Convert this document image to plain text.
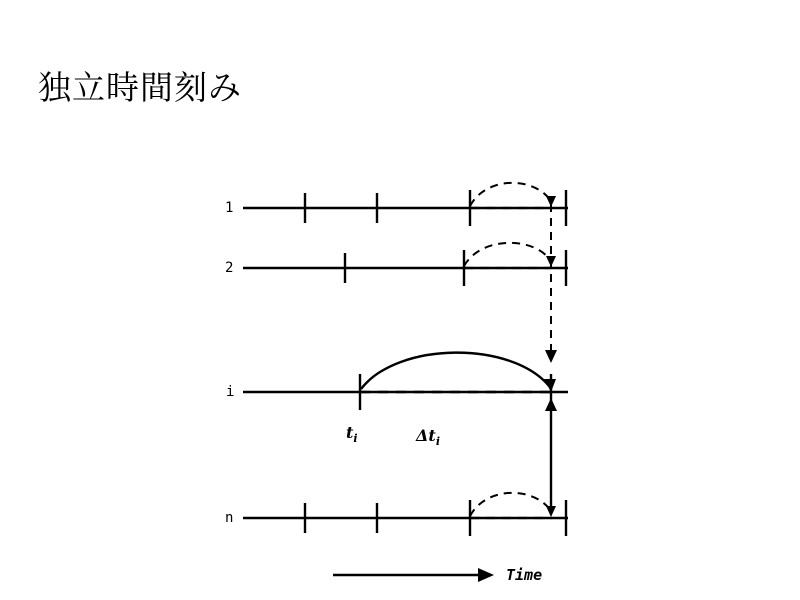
独立時間刻み
1
2
i
n
$t_i$	$\Delta t_i$
Time
